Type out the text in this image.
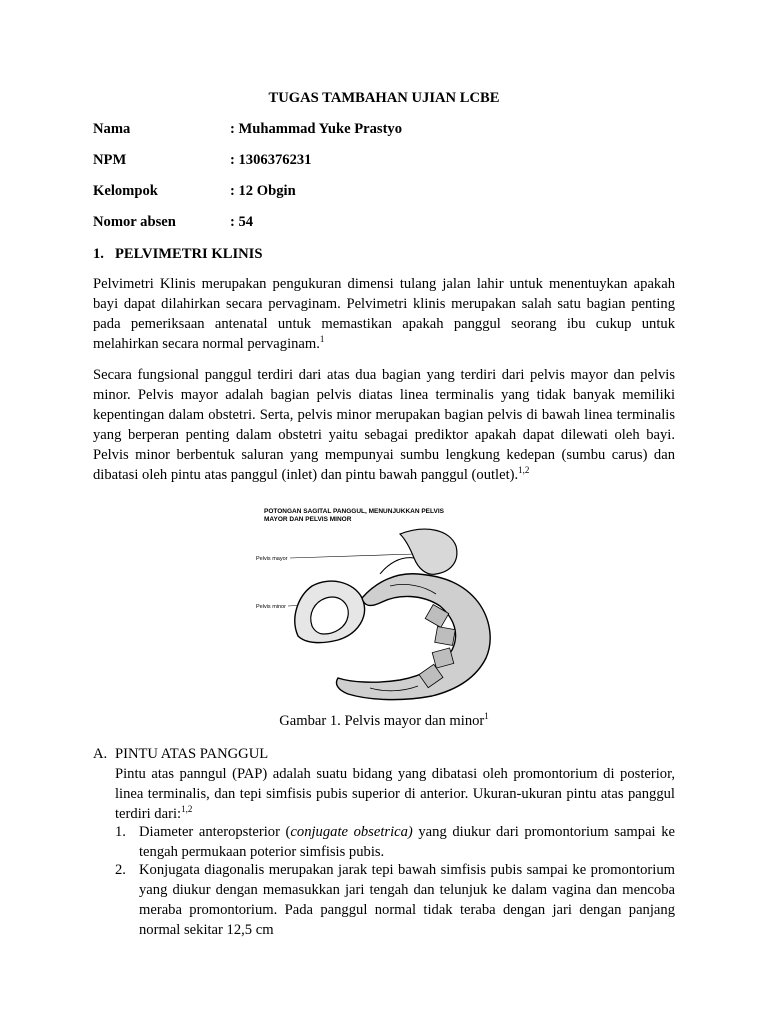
TUGAS TAMBAHAN UJIAN LCBE
Nama	: Muhammad Yuke Prastyo
NPM	: 1306376231
Kelompok	: 12 Obgin
Nomor absen	: 54
1. PELVIMETRI KLINIS
Pelvimetri Klinis merupakan pengukuran dimensi tulang jalan lahir untuk menentuykan apakah bayi dapat dilahirkan secara pervaginam. Pelvimetri klinis merupakan salah satu bagian penting pada pemeriksaan antenatal untuk memastikan apakah panggul seorang ibu cukup untuk melahirkan secara normal pervaginam.$^1$
Secara fungsional panggul terdiri dari atas dua bagian yang terdiri dari pelvis mayor dan pelvis minor. Pelvis mayor adalah bagian pelvis diatas linea terminalis yang tidak banyak memiliki kepentingan dalam obstetri. Serta, pelvis minor merupakan bagian pelvis di bawah linea terminalis yang berperan penting dalam obstetri yaitu sebagai prediktor apakah dapat dilewati oleh bayi. Pelvis minor berbentuk saluran yang mempunyai sumbu lengkung kedepan (sumbu carus) dan dibatasi oleh pintu atas panggul (inlet) dan pintu bawah panggul (outlet).$^{1,2}$
POTONGAN SAGITAL PANGGUL, MENUNJUKKAN PELVIS
MAYOR DAN PELVIS MINOR
Pelvis mayor
Pelvis minor
Gambar 1. Pelvis mayor dan minor$^1$
A. PINTU ATAS PANGGUL
Pintu atas panngul (PAP) adalah suatu bidang yang dibatasi oleh promontorium di posterior, linea terminalis, dan tepi simfisis pubis superior di anterior. Ukuran-ukuran pintu atas panggul terdiri dari:$^{1,2}$
1. Diameter anteropsterior (conjugate obsetrica) yang diukur dari promontorium sampai ke tengah permukaan poterior simfisis pubis.
2. Konjugata diagonalis merupakan jarak tepi bawah simfisis pubis sampai ke promontorium yang diukur dengan memasukkan jari tengah dan telunjuk ke dalam vagina dan mencoba meraba promontorium. Pada panggul normal tidak teraba dengan jari dengan panjang normal sekitar 12,5 cm
